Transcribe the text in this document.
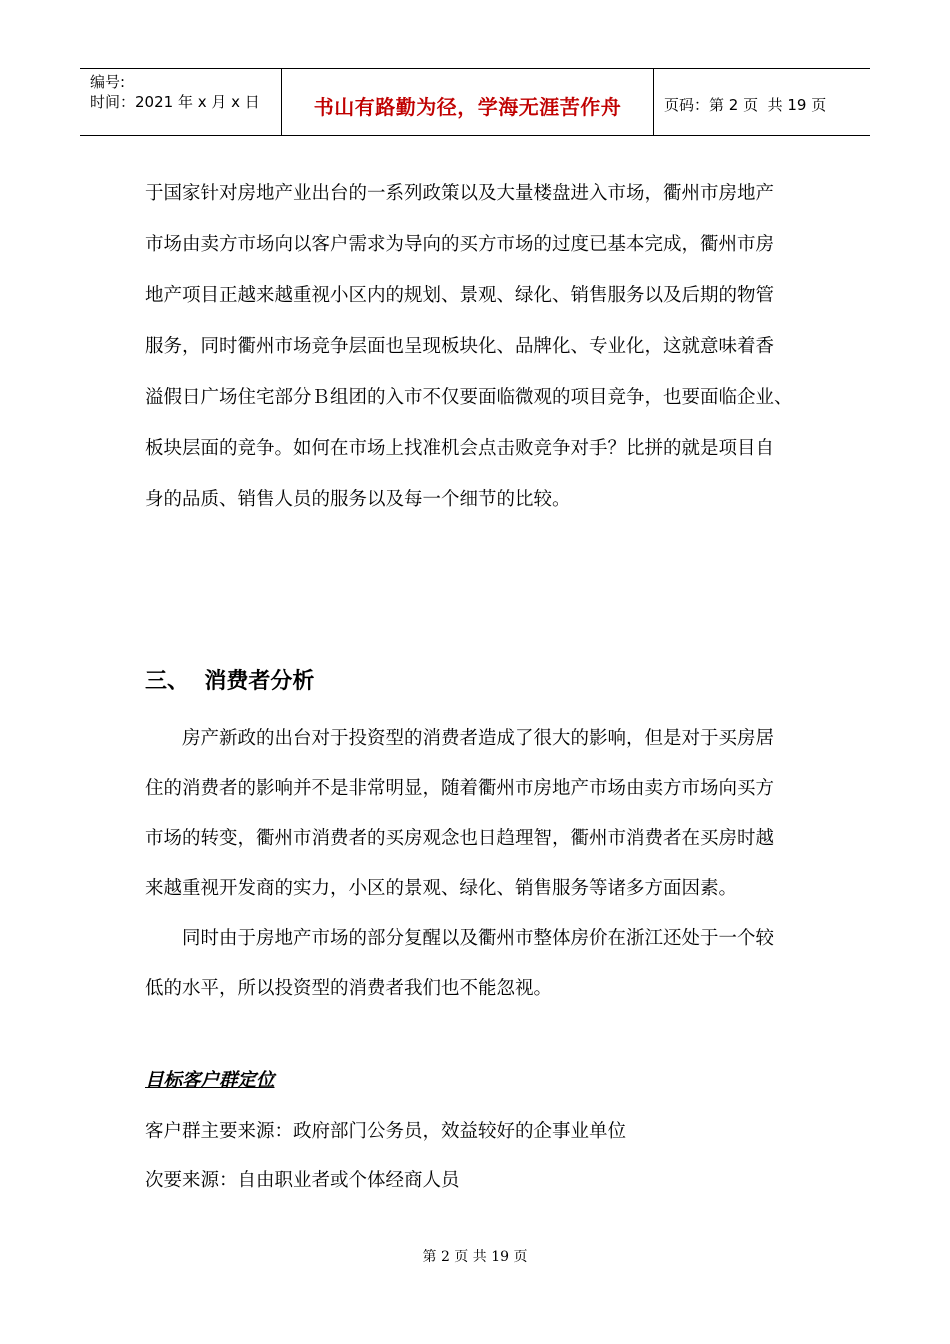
编号:
时间：2021 年 x 月 x 日	书山有路勤为径，学海无涯苦作舟	页码：第 2 页  共 19 页
于国家针对房地产业出台的一系列政策以及大量楼盘进入市场，衢州市房地产
市场由卖方市场向以客户需求为导向的买方市场的过度已基本完成，衢州市房
地产项目正越来越重视小区内的规划、景观、绿化、销售服务以及后期的物管
服务，同时衢州市场竞争层面也呈现板块化、品牌化、专业化，这就意味着香
溢假日广场住宅部分Ｂ组团的入市不仅要面临微观的项目竞争，也要面临企业、
板块层面的竞争。如何在市场上找准机会点击败竞争对手？比拼的就是项目自
身的品质、销售人员的服务以及每一个细节的比较。
三、  消费者分析
房产新政的出台对于投资型的消费者造成了很大的影响，但是对于买房居
住的消费者的影响并不是非常明显，随着衢州市房地产市场由卖方市场向买方
市场的转变，衢州市消费者的买房观念也日趋理智，衢州市消费者在买房时越
来越重视开发商的实力，小区的景观、绿化、销售服务等诸多方面因素。
同时由于房地产市场的部分复醒以及衢州市整体房价在浙江还处于一个较
低的水平，所以投资型的消费者我们也不能忽视。
目标客户群定位
客户群主要来源：政府部门公务员，效益较好的企事业单位
次要来源：自由职业者或个体经商人员
第 2 页 共 19 页
